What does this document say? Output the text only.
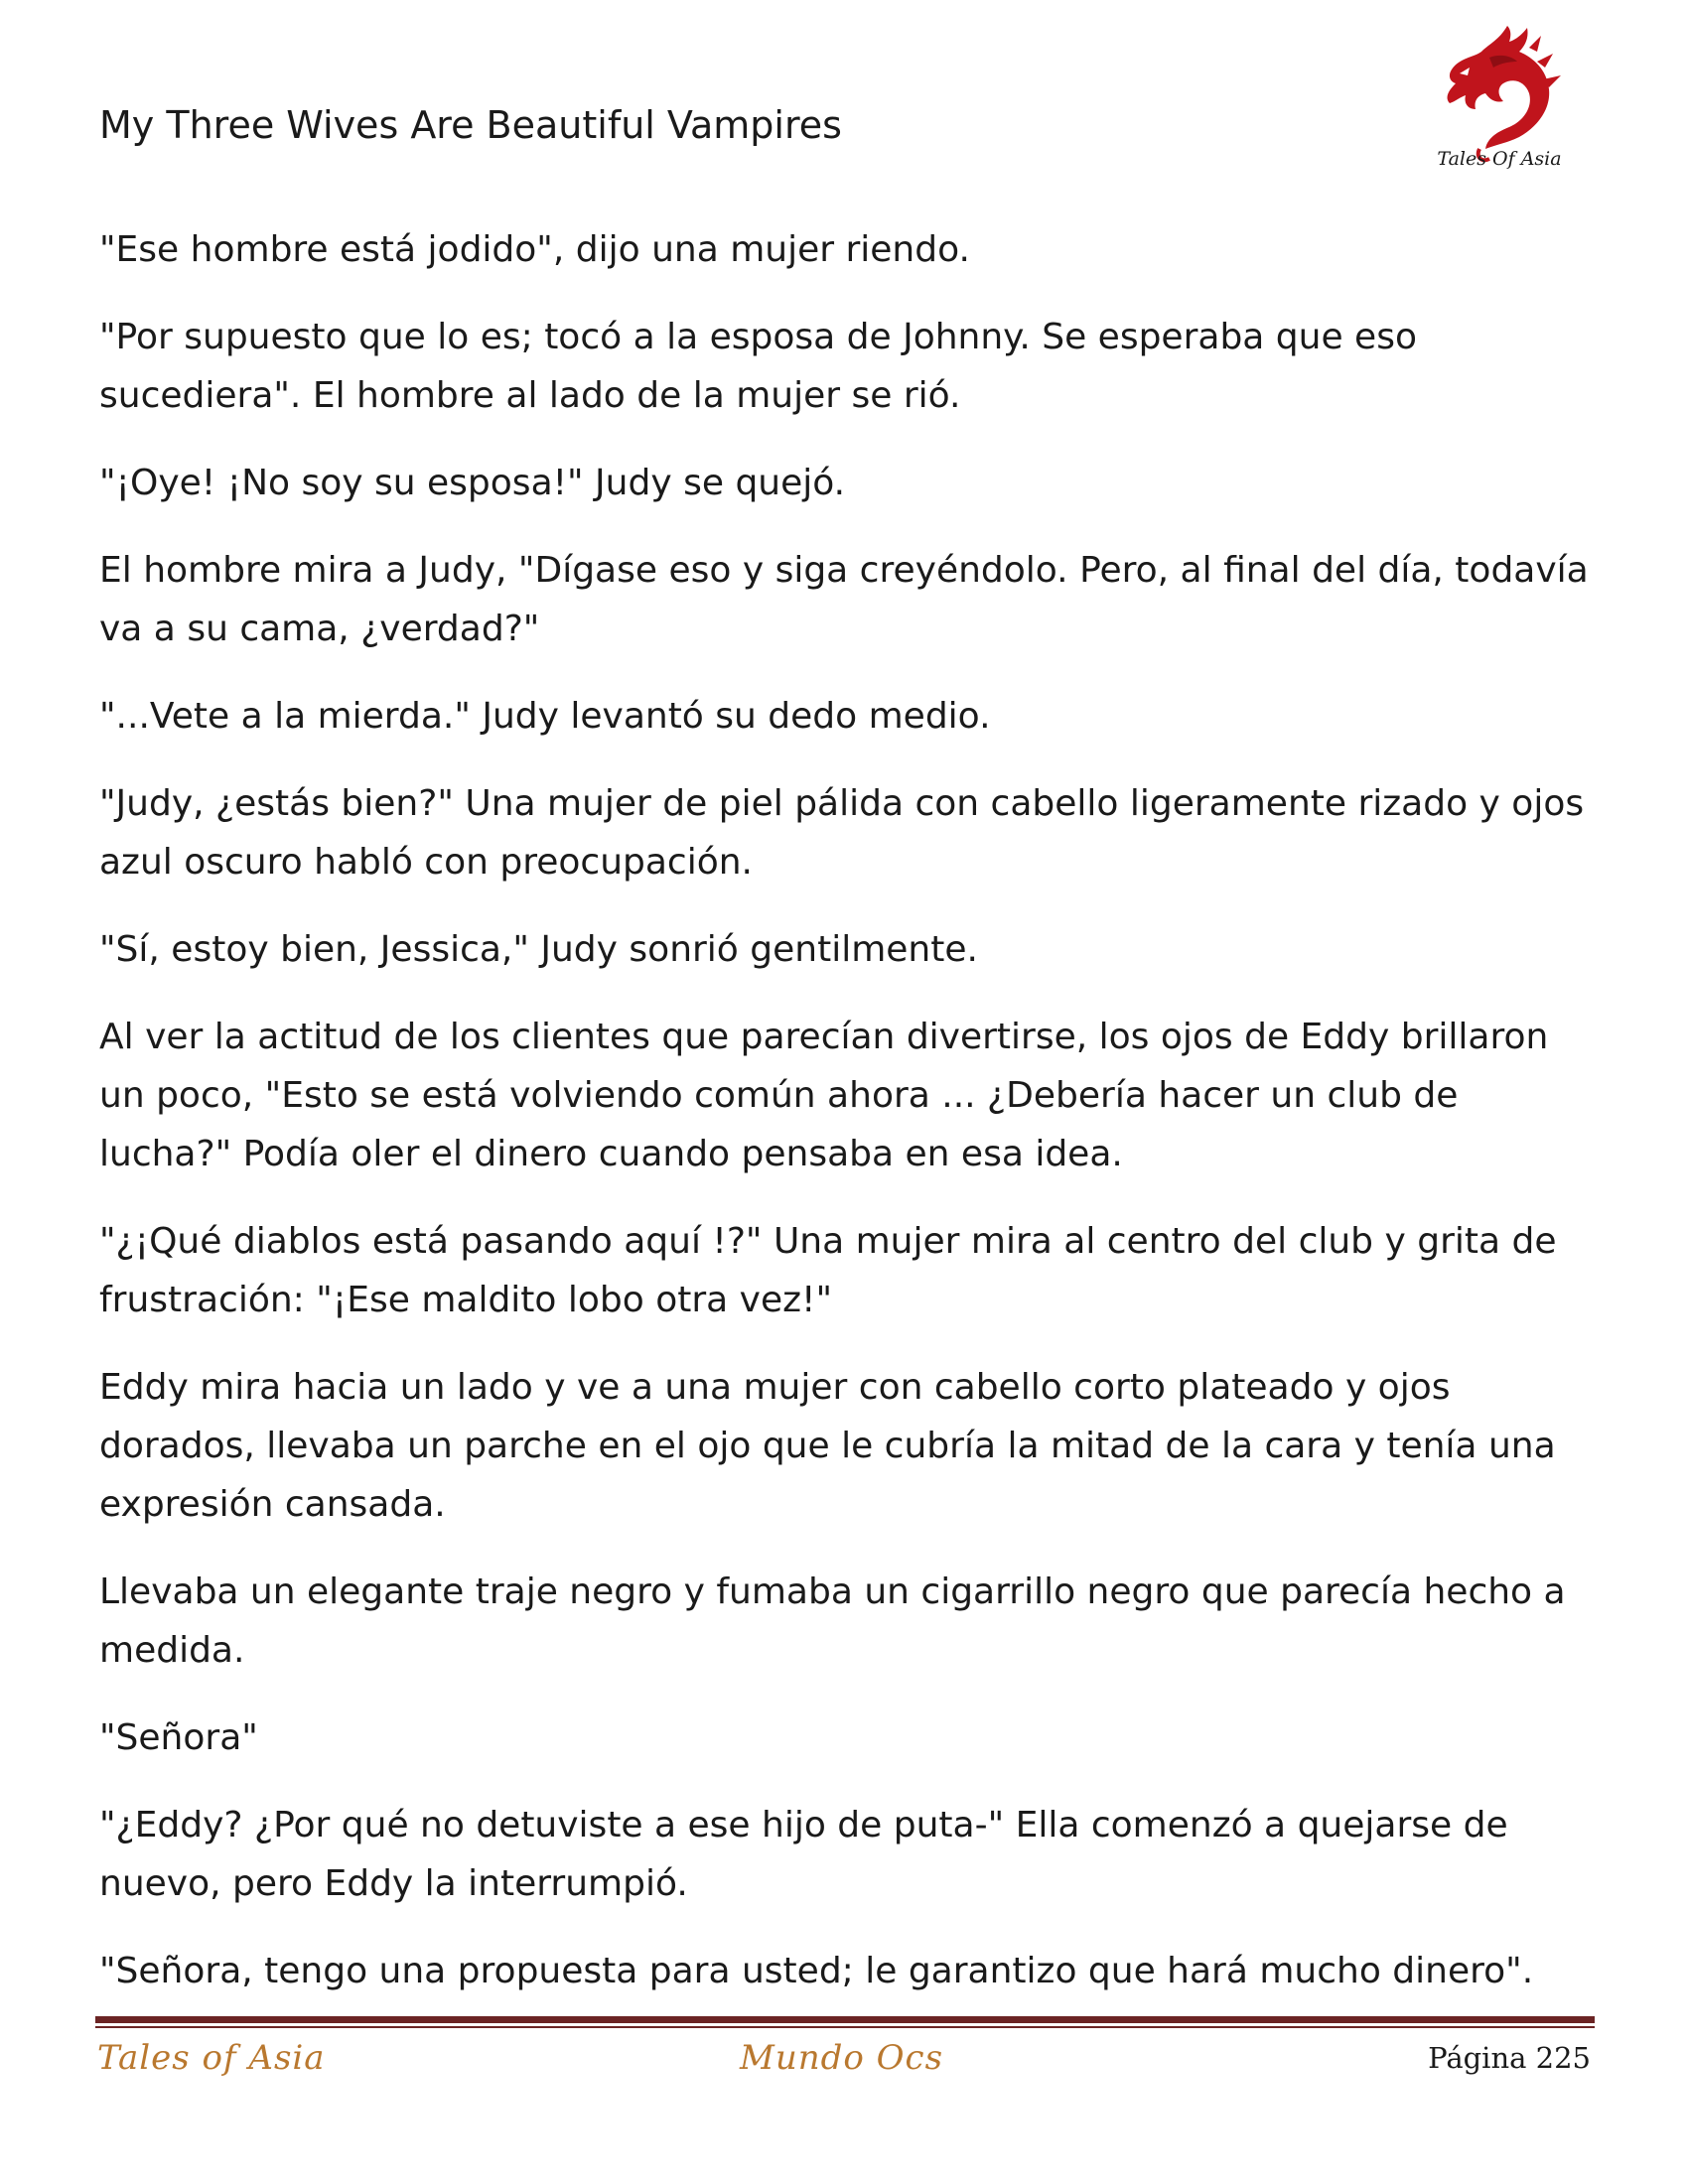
My Three Wives Are Beautiful Vampires
Tales Of Asia

"Ese hombre está jodido", dijo una mujer riendo.

"Por supuesto que lo es; tocó a la esposa de Johnny. Se esperaba que eso sucediera". El hombre al lado de la mujer se rió.

"¡Oye! ¡No soy su esposa!" Judy se quejó.

El hombre mira a Judy, "Dígase eso y siga creyéndolo. Pero, al final del día, todavía va a su cama, ¿verdad?"

"...Vete a la mierda." Judy levantó su dedo medio.

"Judy, ¿estás bien?" Una mujer de piel pálida con cabello ligeramente rizado y ojos azul oscuro habló con preocupación.

"Sí, estoy bien, Jessica," Judy sonrió gentilmente.

Al ver la actitud de los clientes que parecían divertirse, los ojos de Eddy brillaron un poco, "Esto se está volviendo común ahora ... ¿Debería hacer un club de lucha?" Podía oler el dinero cuando pensaba en esa idea.

"¿¡Qué diablos está pasando aquí !?" Una mujer mira al centro del club y grita de frustración: "¡Ese maldito lobo otra vez!"

Eddy mira hacia un lado y ve a una mujer con cabello corto plateado y ojos dorados, llevaba un parche en el ojo que le cubría la mitad de la cara y tenía una expresión cansada.

Llevaba un elegante traje negro y fumaba un cigarrillo negro que parecía hecho a medida.

"Señora"

"¿Eddy? ¿Por qué no detuviste a ese hijo de puta-" Ella comenzó a quejarse de nuevo, pero Eddy la interrumpió.

"Señora, tengo una propuesta para usted; le garantizo que hará mucho dinero".

Tales of Asia	Mundo Ocs	Página 225
